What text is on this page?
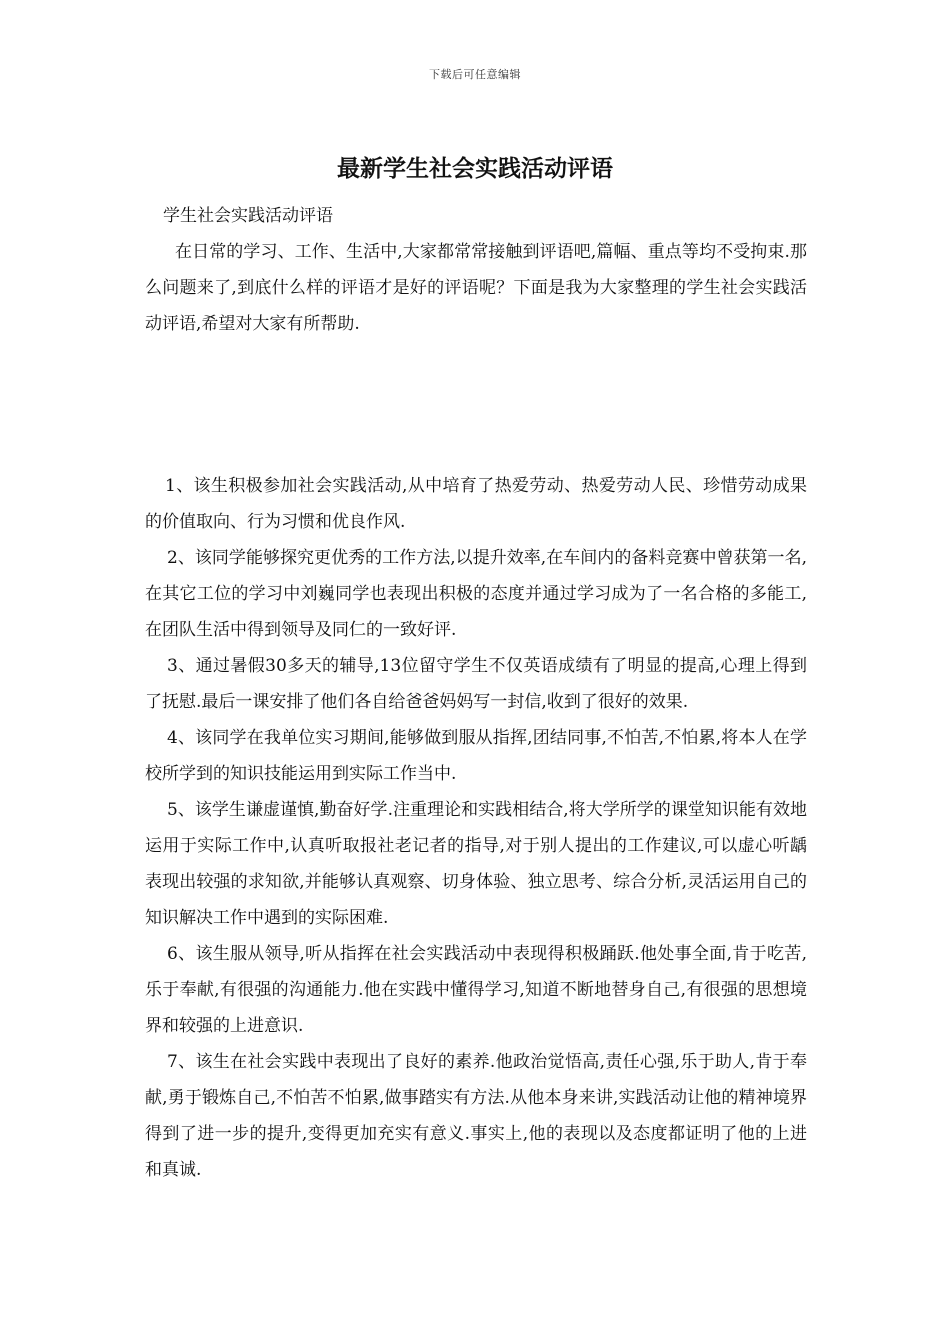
下载后可任意编辑
最新学生社会实践活动评语

学生社会实践活动评语

在日常的学习、工作、生活中,大家都常常接触到评语吧,篇幅、重点等均不受拘束.那么问题来了,到底什么样的评语才是好的评语呢？下面是我为大家整理的学生社会实践活动评语,希望对大家有所帮助.

1、该生积极参加社会实践活动,从中培育了热爱劳动、热爱劳动人民、珍惜劳动成果的价值取向、行为习惯和优良作风.

2、该同学能够探究更优秀的工作方法,以提升效率,在车间内的备料竞赛中曾获第一名,在其它工位的学习中刘巍同学也表现出积极的态度并通过学习成为了一名合格的多能工,在团队生活中得到领导及同仁的一致好评.

3、通过暑假30多天的辅导,13位留守学生不仅英语成绩有了明显的提高,心理上得到了抚慰.最后一课安排了他们各自给爸爸妈妈写一封信,收到了很好的效果.

4、该同学在我单位实习期间,能够做到服从指挥,团结同事,不怕苦,不怕累,将本人在学校所学到的知识技能运用到实际工作当中.

5、该学生谦虚谨慎,勤奋好学.注重理论和实践相结合,将大学所学的课堂知识能有效地运用于实际工作中,认真听取报社老记者的指导,对于别人提出的工作建议,可以虚心听龋表现出较强的求知欲,并能够认真观察、切身体验、独立思考、综合分析,灵活运用自己的知识解决工作中遇到的实际困难.

6、该生服从领导,听从指挥在社会实践活动中表现得积极踊跃.他处事全面,肯于吃苦,乐于奉献,有很强的沟通能力.他在实践中懂得学习,知道不断地替身自己,有很强的思想境界和较强的上进意识.

7、该生在社会实践中表现出了良好的素养.他政治觉悟高,责任心强,乐于助人,肯于奉献,勇于锻炼自己,不怕苦不怕累,做事踏实有方法.从他本身来讲,实践活动让他的精神境界得到了进一步的提升,变得更加充实有意义.事实上,他的表现以及态度都证明了他的上进和真诚.
